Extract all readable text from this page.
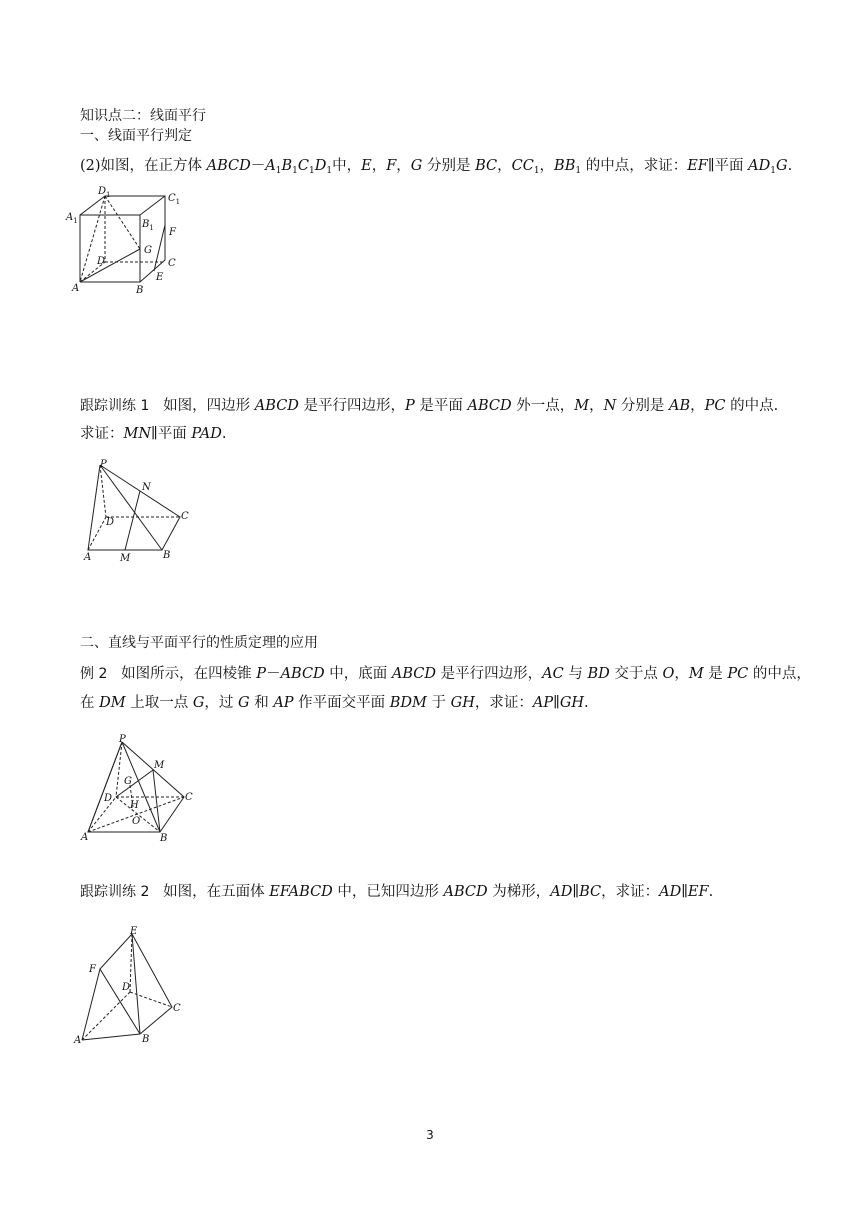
知识点二：线面平行
一、线面平行判定
(2)如图，在正方体 $ABCD-A_1B_1C_1D_1$中，E，F，G 分别是 BC，$CC_1$，$BB_1$ 的中点，求证：EF∥平面 $AD_1G$.
$D_1$	$C_1$
$A_1$	$B_1$ F
G
D	C
E
A	B
跟踪训练 1   如图，四边形 ABCD 是平行四边形，P 是平面 ABCD 外一点，M，N 分别是 AB，PC 的中点.
求证：MN∥平面 PAD.
P
N
D
C
A	M	B
二、直线与平面平行的性质定理的应用
例 2   如图所示，在四棱锥 P－ABCD 中，底面 ABCD 是平行四边形，AC 与 BD 交于点 O，M 是 PC 的中点，
在 DM 上取一点 G，过 G 和 AP 作平面交平面 BDM 于 GH，求证：AP∥GH.
P
M
G
D	C
H
O
A	B
跟踪训练 2   如图，在五面体 EFABCD 中，已知四边形 ABCD 为梯形，AD∥BC，求证：AD∥EF.
E
F
D
C
A	B
3
